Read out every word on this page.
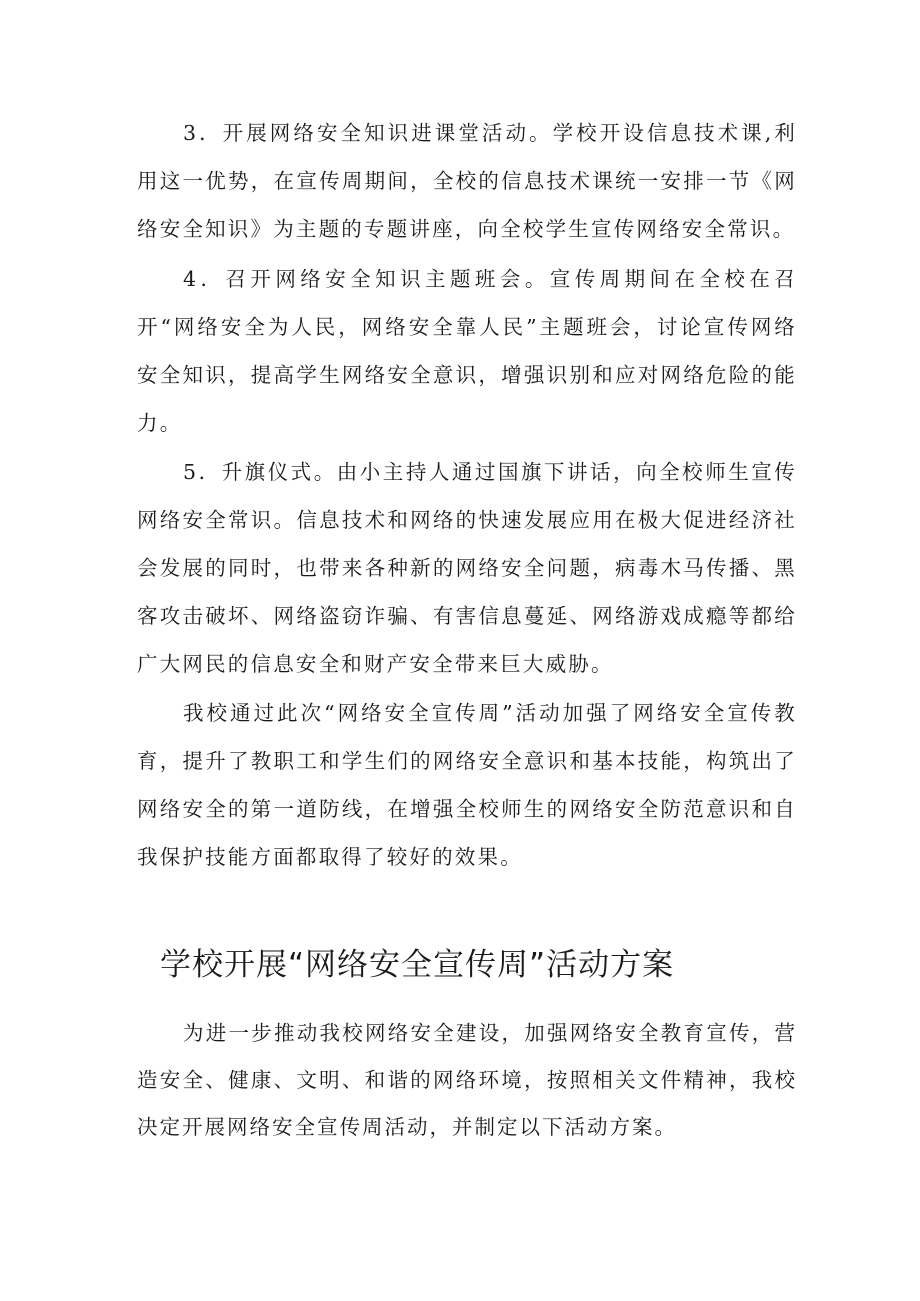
3．开展网络安全知识进课堂活动。学校开设信息技术课,利用这一优势，在宣传周期间，全校的信息技术课统一安排一节《网络安全知识》为主题的专题讲座，向全校学生宣传网络安全常识。

4．召开网络安全知识主题班会。宣传周期间在全校在召开“网络安全为人民，网络安全靠人民”主题班会，讨论宣传网络安全知识，提高学生网络安全意识，增强识别和应对网络危险的能力。

5．升旗仪式。由小主持人通过国旗下讲话，向全校师生宣传网络安全常识。信息技术和网络的快速发展应用在极大促进经济社会发展的同时，也带来各种新的网络安全问题，病毒木马传播、黑客攻击破坏、网络盗窃诈骗、有害信息蔓延、网络游戏成瘾等都给广大网民的信息安全和财产安全带来巨大威胁。

我校通过此次“网络安全宣传周”活动加强了网络安全宣传教育，提升了教职工和学生们的网络安全意识和基本技能，构筑出了网络安全的第一道防线，在增强全校师生的网络安全防范意识和自我保护技能方面都取得了较好的效果。

学校开展“网络安全宣传周”活动方案

为进一步推动我校网络安全建设，加强网络安全教育宣传，营造安全、健康、文明、和谐的网络环境，按照相关文件精神，我校决定开展网络安全宣传周活动，并制定以下活动方案。
